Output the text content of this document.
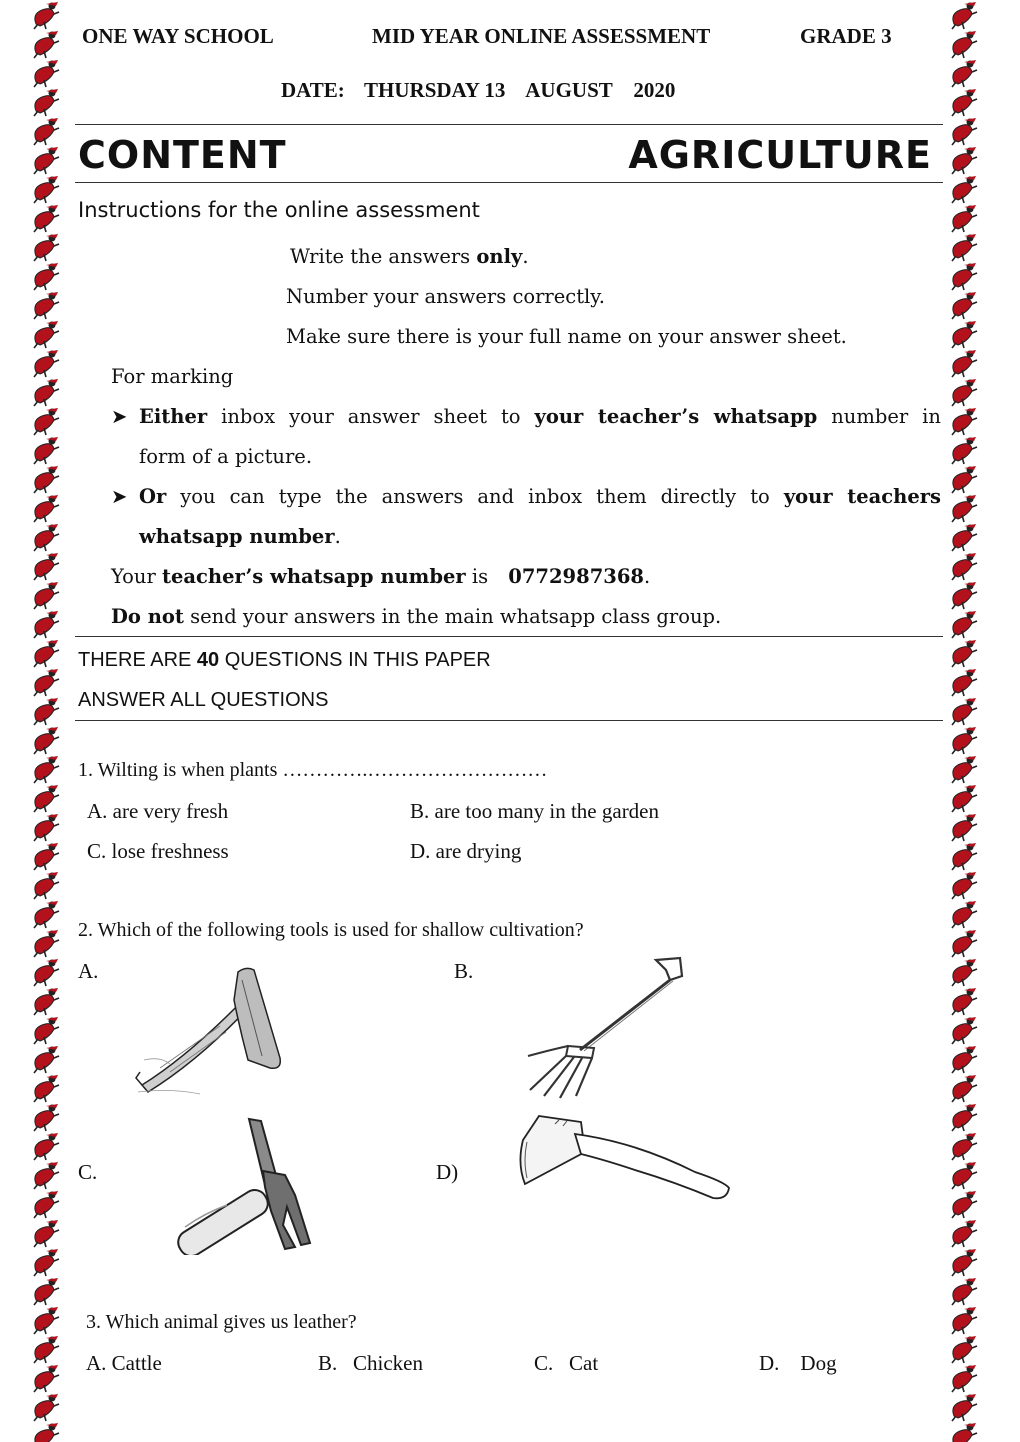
ONE WAY SCHOOL	MID YEAR ONLINE ASSESSMENT	GRADE 3
DATE: THURSDAY 13    AUGUST    2020
CONTENT	AGRICULTURE
Instructions for the online assessment
Write the answers only.
Number your answers correctly.
Make sure there is your full name on your answer sheet.
For marking
➤ Either inbox your answer sheet to your teacher’s whatsapp number in
form of a picture.
➤ Or you can type the answers and inbox them directly to your teachers
whatsapp number.
Your teacher’s whatsapp number is 0772987368.
Do not send your answers in the main whatsapp class group.
THERE ARE 40 QUESTIONS IN THIS PAPER
ANSWER ALL QUESTIONS
1. Wilting is when plants ………….………………………
A. are very fresh	B. are too many in the garden
C. lose freshness	D. are drying
2. Which of the following tools is used for shallow cultivation?
A.	B.
C.	D)
3. Which animal gives us leather?
A. Cattle	B.   Chicken	C.   Cat	D.    Dog
